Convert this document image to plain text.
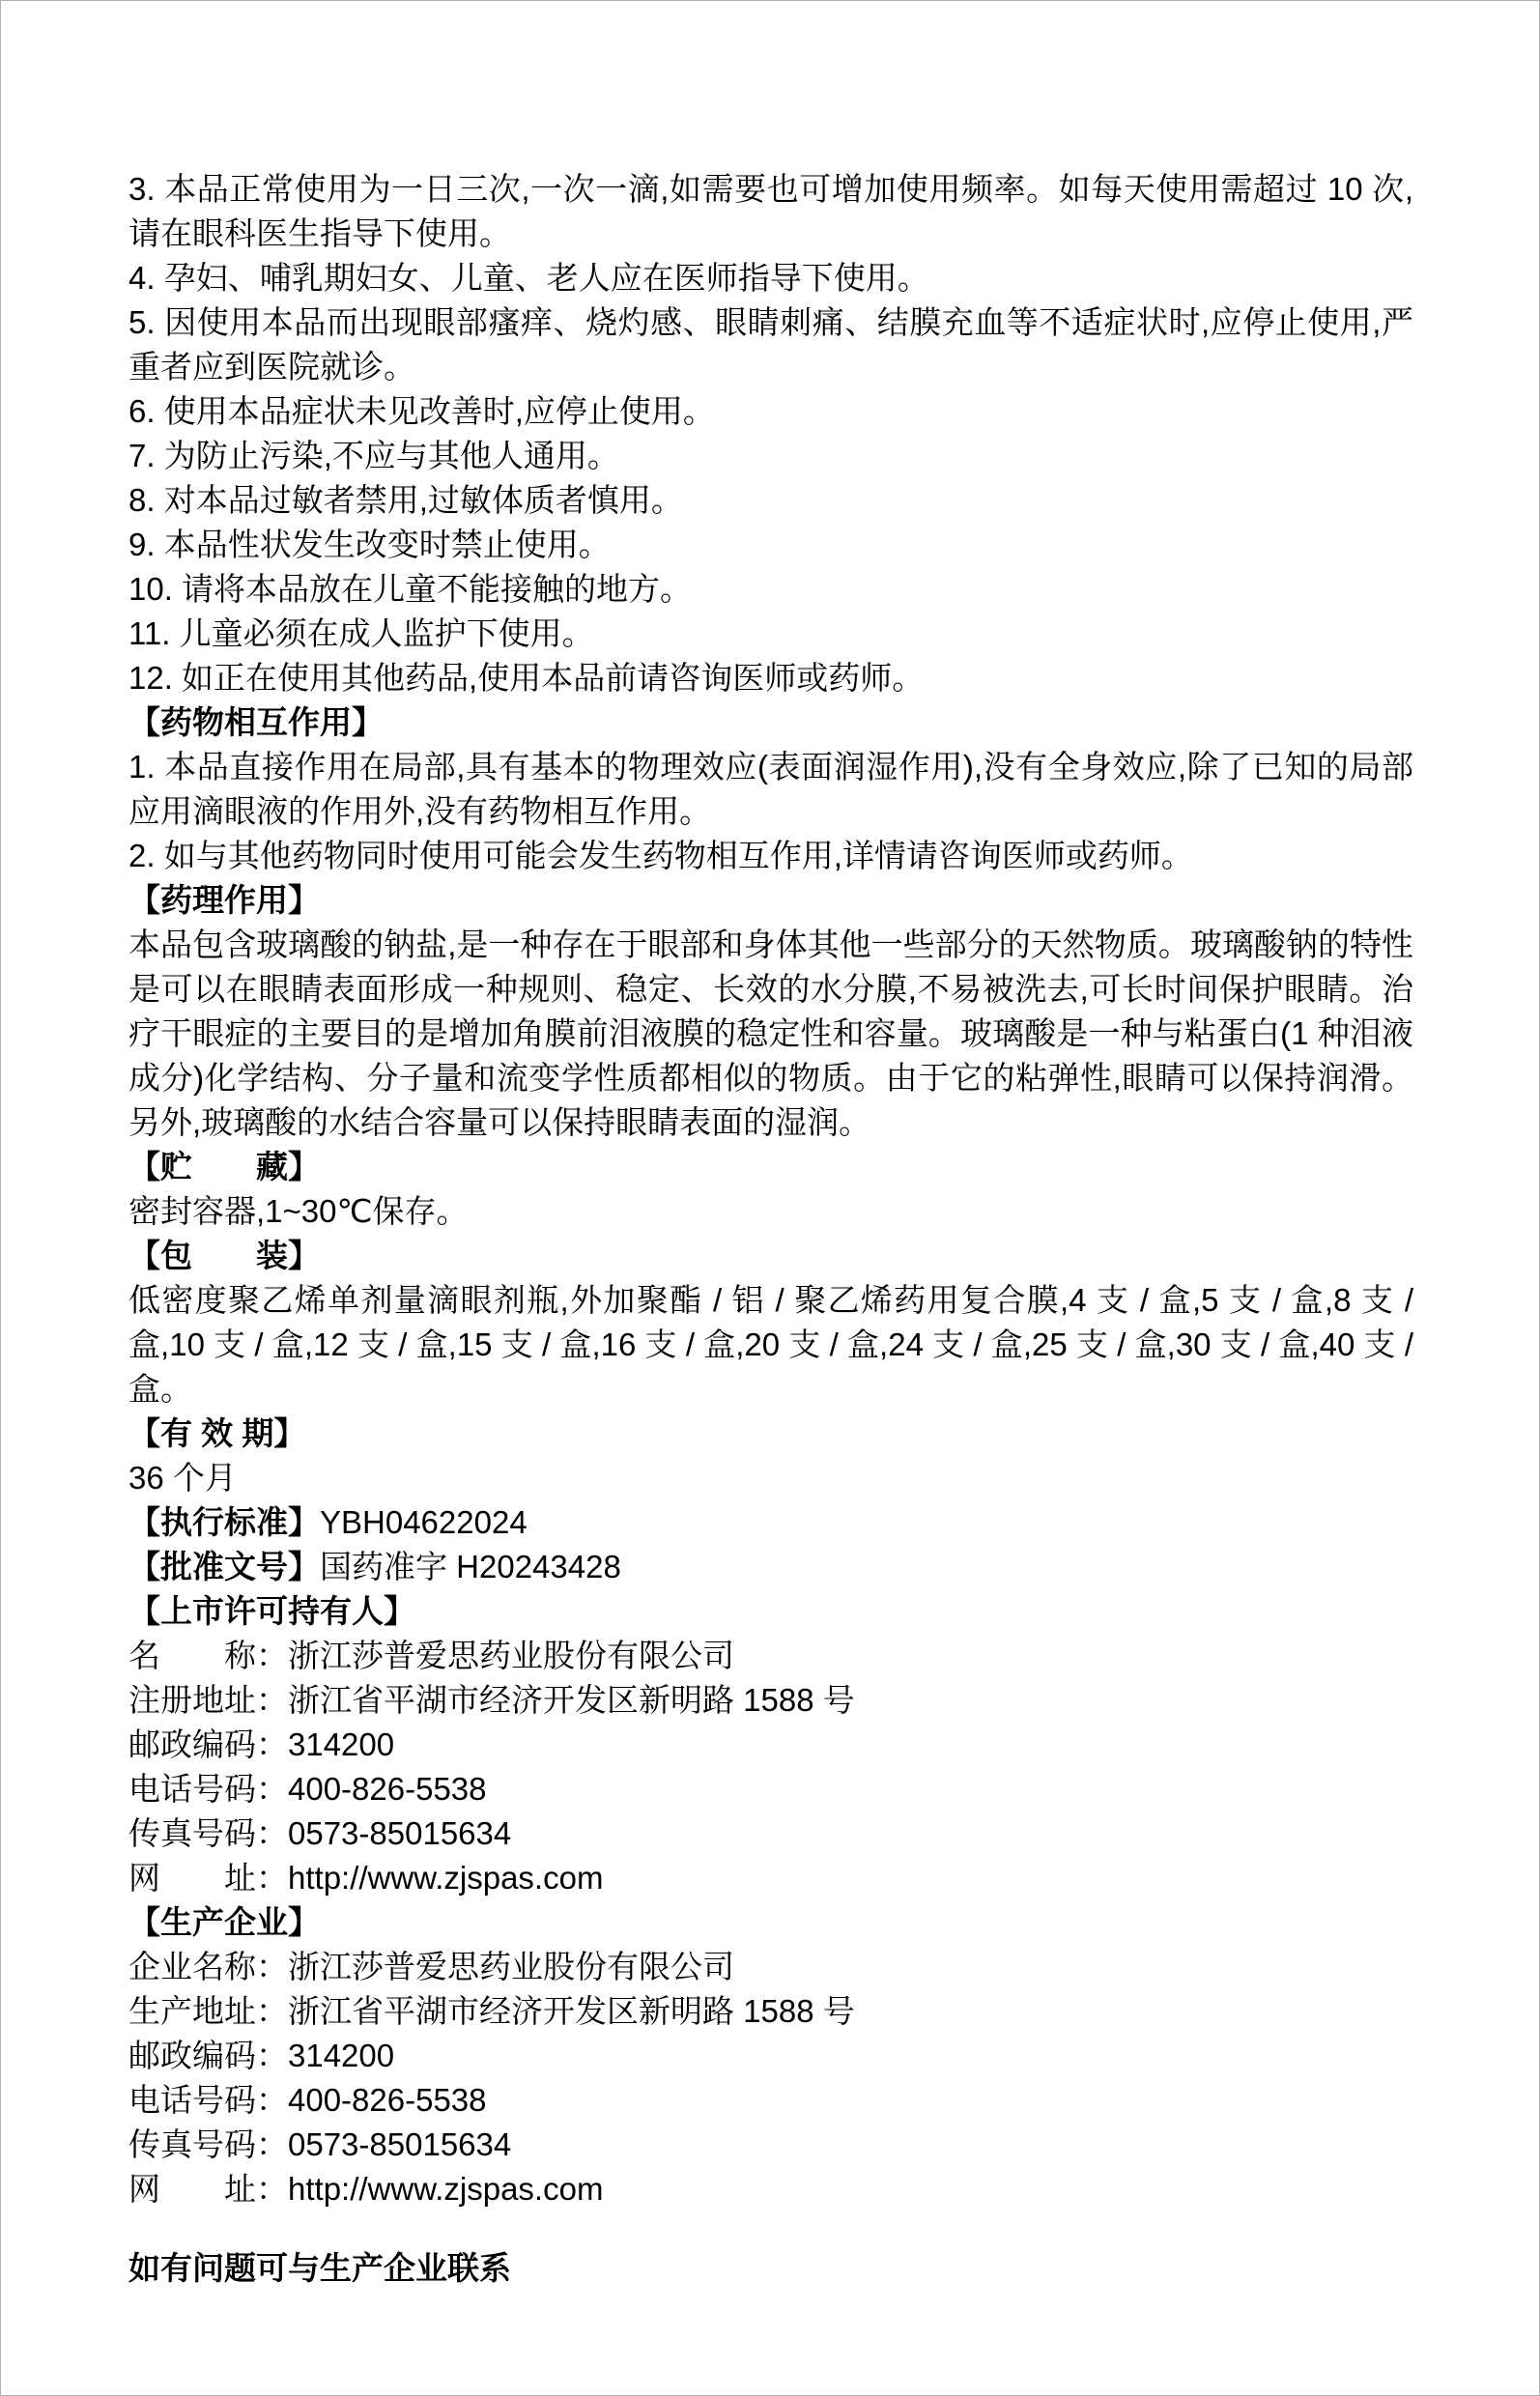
3. 本品正常使用为一日三次,一次一滴,如需要也可增加使用频率。如每天使用需超过 10 次,请在眼科医生指导下使用。

4. 孕妇、哺乳期妇女、儿童、老人应在医师指导下使用。

5. 因使用本品而出现眼部瘙痒、烧灼感、眼睛刺痛、结膜充血等不适症状时,应停止使用,严重者应到医院就诊。

6. 使用本品症状未见改善时,应停止使用。

7. 为防止污染,不应与其他人通用。

8. 对本品过敏者禁用,过敏体质者慎用。

9. 本品性状发生改变时禁止使用。

10. 请将本品放在儿童不能接触的地方。

11. 儿童必须在成人监护下使用。

12. 如正在使用其他药品,使用本品前请咨询医师或药师。

【药物相互作用】

1. 本品直接作用在局部,具有基本的物理效应(表面润湿作用),没有全身效应,除了已知的局部应用滴眼液的作用外,没有药物相互作用。

2. 如与其他药物同时使用可能会发生药物相互作用,详情请咨询医师或药师。

【药理作用】

本品包含玻璃酸的钠盐,是一种存在于眼部和身体其他一些部分的天然物质。玻璃酸钠的特性是可以在眼睛表面形成一种规则、稳定、长效的水分膜,不易被洗去,可长时间保护眼睛。治疗干眼症的主要目的是增加角膜前泪液膜的稳定性和容量。玻璃酸是一种与粘蛋白(1 种泪液成分)化学结构、分子量和流变学性质都相似的物质。由于它的粘弹性,眼睛可以保持润滑。另外,玻璃酸的水结合容量可以保持眼睛表面的湿润。

【贮　　藏】

密封容器,1~30℃保存。

【包　　装】

低密度聚乙烯单剂量滴眼剂瓶,外加聚酯 / 铝 / 聚乙烯药用复合膜,4 支 / 盒,5 支 / 盒,8 支 / 盒,10 支 / 盒,12 支 / 盒,15 支 / 盒,16 支 / 盒,20 支 / 盒,24 支 / 盒,25 支 / 盒,30 支 / 盒,40 支 / 盒。

【有 效 期】

36 个月

【执行标准】YBH04622024

【批准文号】国药准字 H20243428

【上市许可持有人】

名　　称：浙江莎普爱思药业股份有限公司

注册地址：浙江省平湖市经济开发区新明路 1588 号

邮政编码：314200

电话号码：400-826-5538

传真号码：0573-85015634

网　　址：http://www.zjspas.com

【生产企业】

企业名称：浙江莎普爱思药业股份有限公司

生产地址：浙江省平湖市经济开发区新明路 1588 号

邮政编码：314200

电话号码：400-826-5538

传真号码：0573-85015634

网　　址：http://www.zjspas.com

如有问题可与生产企业联系
